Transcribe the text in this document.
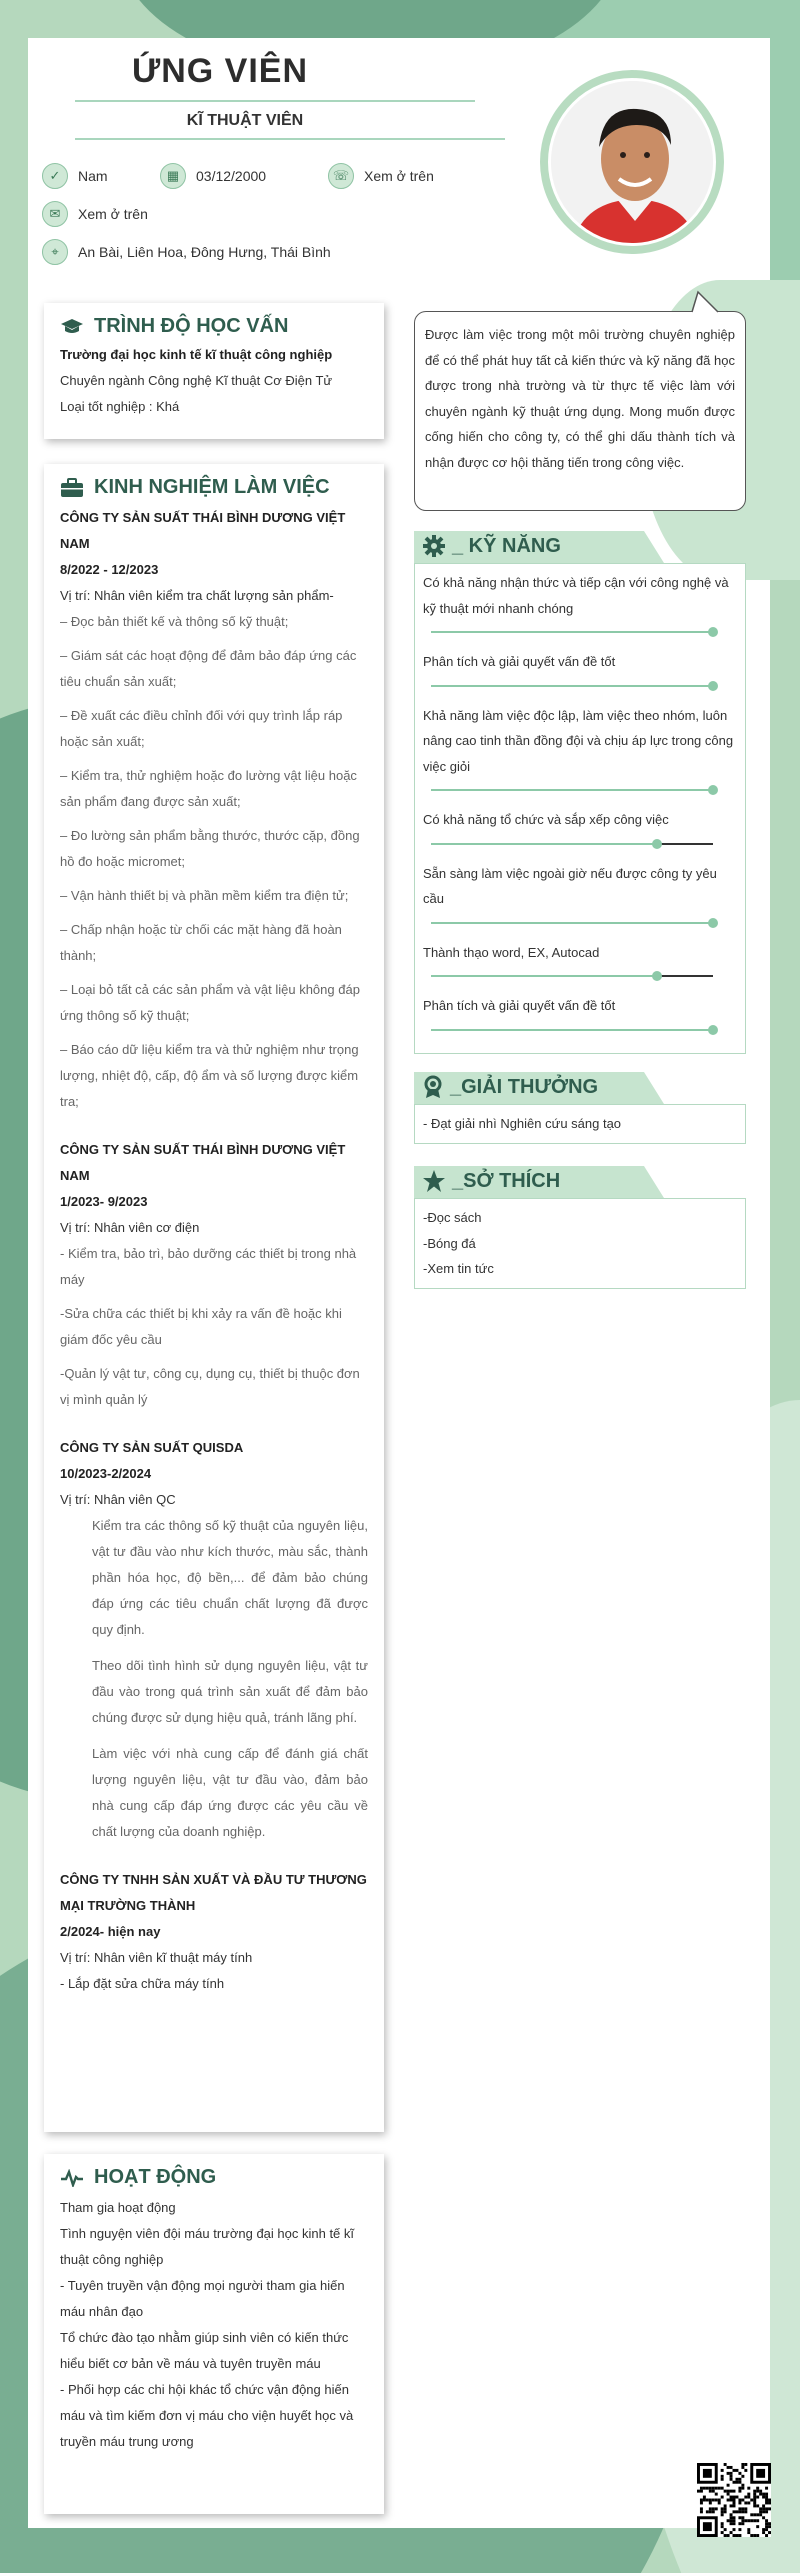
ỨNG VIÊN
KĨ THUẬT VIÊN
✓	Nam	▦	03/12/2000	☏	Xem ở trên
✉	Xem ở trên
⌖	An Bài, Liên Hoa, Đông Hưng, Thái Bình
Được làm việc trong một môi trường chuyên nghiệp để có thể phát huy tất cả kiến thức và kỹ năng đã học được trong nhà trường và từ thực tế việc làm với chuyên ngành kỹ thuật ứng dụng. Mong muốn được cống hiến cho công ty, có thể ghi dấu thành tích và nhận được cơ hội thăng tiến trong công việc.
TRÌNH ĐỘ HỌC VẤN
Trường đại học kinh tế kĩ thuật công nghiệp
Chuyên ngành Công nghệ Kĩ thuật Cơ Điện Tử
Loại tốt nghiệp : Khá
KINH NGHIỆM LÀM VIỆC
CÔNG TY SẢN SUẤT THÁI BÌNH DƯƠNG VIỆT NAM
8/2022 - 12/2023
Vị trí: Nhân viên kiểm tra chất lượng sản phẩm-
– Đọc bản thiết kế và thông số kỹ thuật;
– Giám sát các hoạt động để đảm bảo đáp ứng các tiêu chuẩn sản xuất;
– Đề xuất các điều chỉnh đối với quy trình lắp ráp hoặc sản xuất;
– Kiểm tra, thử nghiệm hoặc đo lường vật liệu hoặc sản phẩm đang được sản xuất;
– Đo lường sản phẩm bằng thước, thước cặp, đồng hồ đo hoặc micromet;
– Vận hành thiết bị và phần mềm kiểm tra điện tử;
– Chấp nhận hoặc từ chối các mặt hàng đã hoàn thành;
– Loại bỏ tất cả các sản phẩm và vật liệu không đáp ứng thông số kỹ thuật;
– Báo cáo dữ liệu kiểm tra và thử nghiệm như trọng lượng, nhiệt độ, cấp, độ ẩm và số lượng được kiểm tra;
CÔNG TY SẢN SUẤT THÁI BÌNH DƯƠNG VIỆT NAM
1/2023- 9/2023
Vị trí: Nhân viên cơ điện
- Kiểm tra, bảo trì, bảo dưỡng các thiết bị trong nhà máy
-Sửa chữa các thiết bị khi xảy ra vấn đề hoặc khi giám đốc yêu cầu
-Quản lý vật tư, công cụ, dụng cụ, thiết bị thuộc đơn vị mình quản lý
CÔNG TY SẢN SUẤT QUISDA
10/2023-2/2024
Vị trí: Nhân viên QC
Kiểm tra các thông số kỹ thuật của nguyên liệu, vật tư đầu vào như kích thước, màu sắc, thành phần hóa học, độ bền,... để đảm bảo chúng đáp ứng các tiêu chuẩn chất lượng đã được quy định.
Theo dõi tình hình sử dụng nguyên liệu, vật tư đầu vào trong quá trình sản xuất để đảm bảo chúng được sử dụng hiệu quả, tránh lãng phí.
Làm việc với nhà cung cấp để đánh giá chất lượng nguyên liệu, vật tư đầu vào, đảm bảo nhà cung cấp đáp ứng được các yêu cầu về chất lượng của doanh nghiệp.
CÔNG TY TNHH SẢN XUẤT VÀ ĐẦU TƯ THƯƠNG MẠI TRƯỜNG THÀNH
2/2024- hiện nay
Vị trí: Nhân viên kĩ thuật máy tính
- Lắp đặt sửa chữa máy tính
HOẠT ĐỘNG
Tham gia hoạt động
Tình nguyện viên đội máu trường đại học kinh tế kĩ thuật công nghiệp
- Tuyên truyền vận động mọi người tham gia hiến máu nhân đạo
Tổ chức đào tạo nhằm giúp sinh viên có kiến thức hiểu biết cơ bản về máu và tuyên truyền máu
- Phối hợp các chi hội khác tổ chức vận động hiến máu và tìm kiếm đơn vị máu cho viện huyết học và truyền máu trung ương
_ KỸ NĂNG
Có khả năng nhận thức và tiếp cận với công nghệ và kỹ thuật mới nhanh chóng
Phân tích và giải quyết vấn đề tốt
Khả năng làm việc độc lập, làm việc theo nhóm, luôn nâng cao tinh thần đồng đội và chịu áp lực trong công việc giỏi
Có khả năng tổ chức và sắp xếp công việc
Sẵn sàng làm việc ngoài giờ nếu được công ty yêu cầu
Thành thạo word, EX, Autocad
Phân tích và giải quyết vấn đề tốt
_GIẢI THƯỞNG
- Đạt giải nhì Nghiên cứu sáng tạo
_SỞ THÍCH
-Đọc sách
-Bóng đá
-Xem tin tức
